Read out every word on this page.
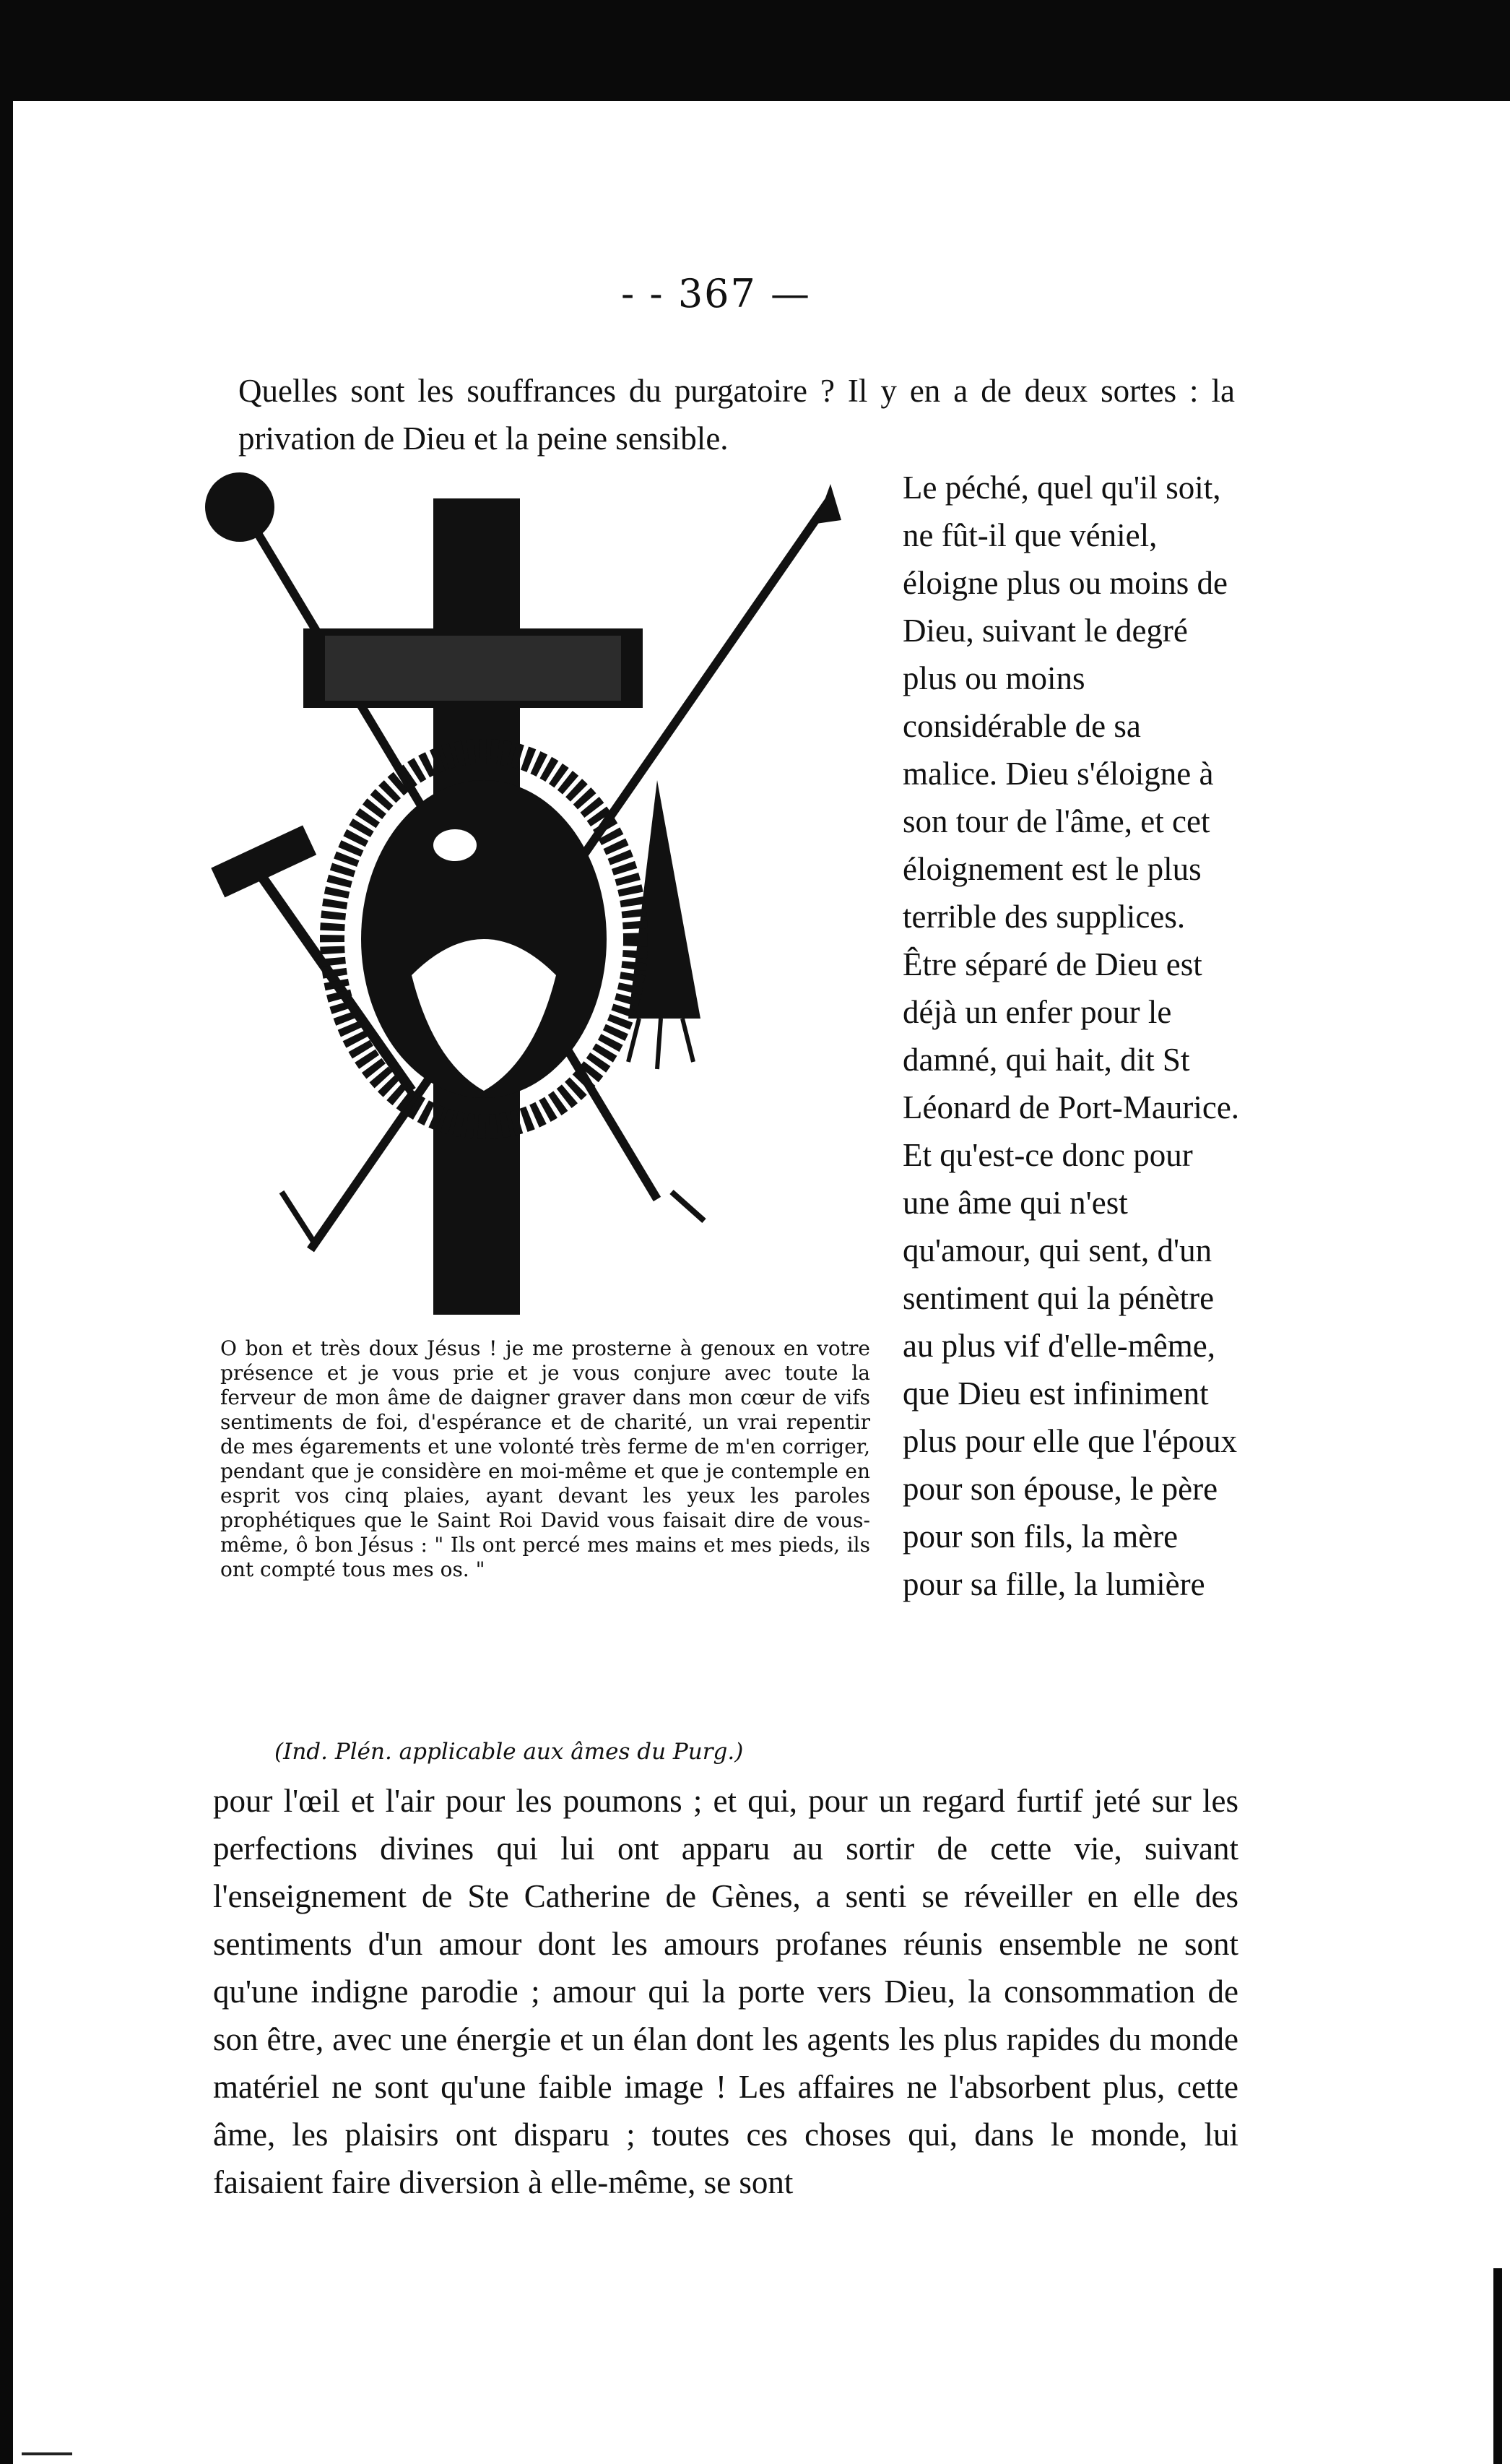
- - 367 —
Quelles sont les souffrances du purgatoire ? Il y en a de deux sortes : la privation de Dieu et la peine sensible.
Le péché, quel qu'il soit, ne fût-il que véniel, éloigne plus ou moins de Dieu, suivant le degré plus ou moins considérable de sa malice. Dieu s'éloigne à son tour de l'âme, et cet éloignement est le plus terrible des supplices. Être séparé de Dieu est déjà un enfer pour le damné, qui hait, dit St Léonard de Port-Maurice. Et qu'est-ce donc pour une âme qui n'est qu'amour, qui sent, d'un sentiment qui la pénètre au plus vif d'elle-même, que Dieu est infiniment plus pour elle que l'époux pour son épouse, le père pour son fils, la mère pour sa fille, la lumière
O bon et très doux Jésus ! je me prosterne à genoux en votre présence et je vous prie et je vous conjure avec toute la ferveur de mon âme de daigner graver dans mon cœur de vifs sentiments de foi, d'espérance et de charité, un vrai repentir de mes égarements et une volonté très ferme de m'en corriger, pendant que je considère en moi-même et que je contemple en esprit vos cinq plaies, ayant devant les yeux les paroles prophétiques que le Saint Roi David vous faisait dire de vous-même, ô bon Jésus : " Ils ont percé mes mains et mes pieds, ils ont compté tous mes os. "
(Ind. Plén. applicable aux âmes du Purg.)
pour l'œil et l'air pour les poumons ; et qui, pour un regard furtif jeté sur les perfections divines qui lui ont apparu au sortir de cette vie, suivant l'enseignement de Ste Catherine de Gènes, a senti se réveiller en elle des sentiments d'un amour dont les amours profanes réunis ensemble ne sont qu'une indigne parodie ; amour qui la porte vers Dieu, la consommation de son être, avec une énergie et un élan dont les agents les plus rapides du monde matériel ne sont qu'une faible image ! Les affaires ne l'absorbent plus, cette âme, les plaisirs ont disparu ; toutes ces choses qui, dans le monde, lui faisaient faire diversion à elle-même, se sont
